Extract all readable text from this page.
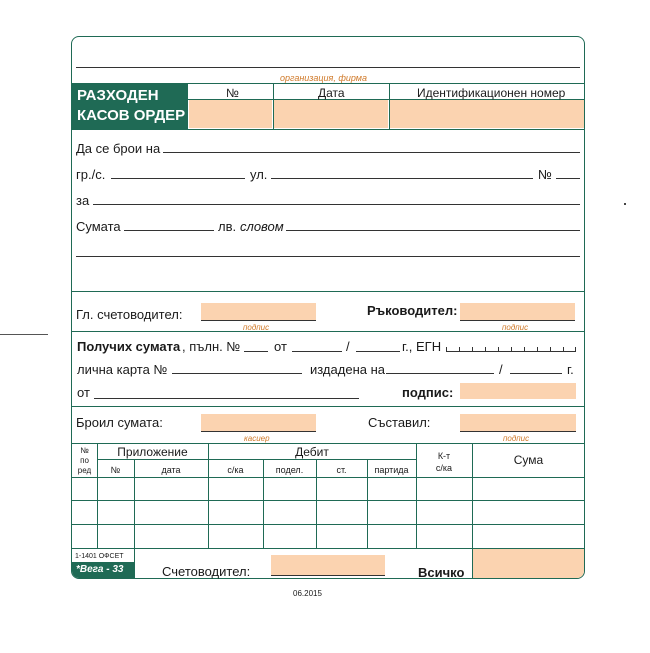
организация, фирма
РАЗХОДЕН
КАСОВ ОРДЕР
№	Дата	Идентификационен номер
Да се брои на
гр./с.	ул.	№
за
Сумата	лв. словом
Гл. счетоводител:
подпис
Ръководител:
подпис
Получих сумата , пълн. №	от	/	г., ЕГН
лична карта №	издадена на	/	г.
от	подпис:
Броил сумата:
касиер
Съставил:
подпис
№
по
ред
Приложение
№	дата
Дебит
с/ка	подел.	ст.	партида
К-т
с/ка
Сума
1-1401 ОФСЕТ
*Вега - 33	Счетоводител:	Всичко
06.2015
